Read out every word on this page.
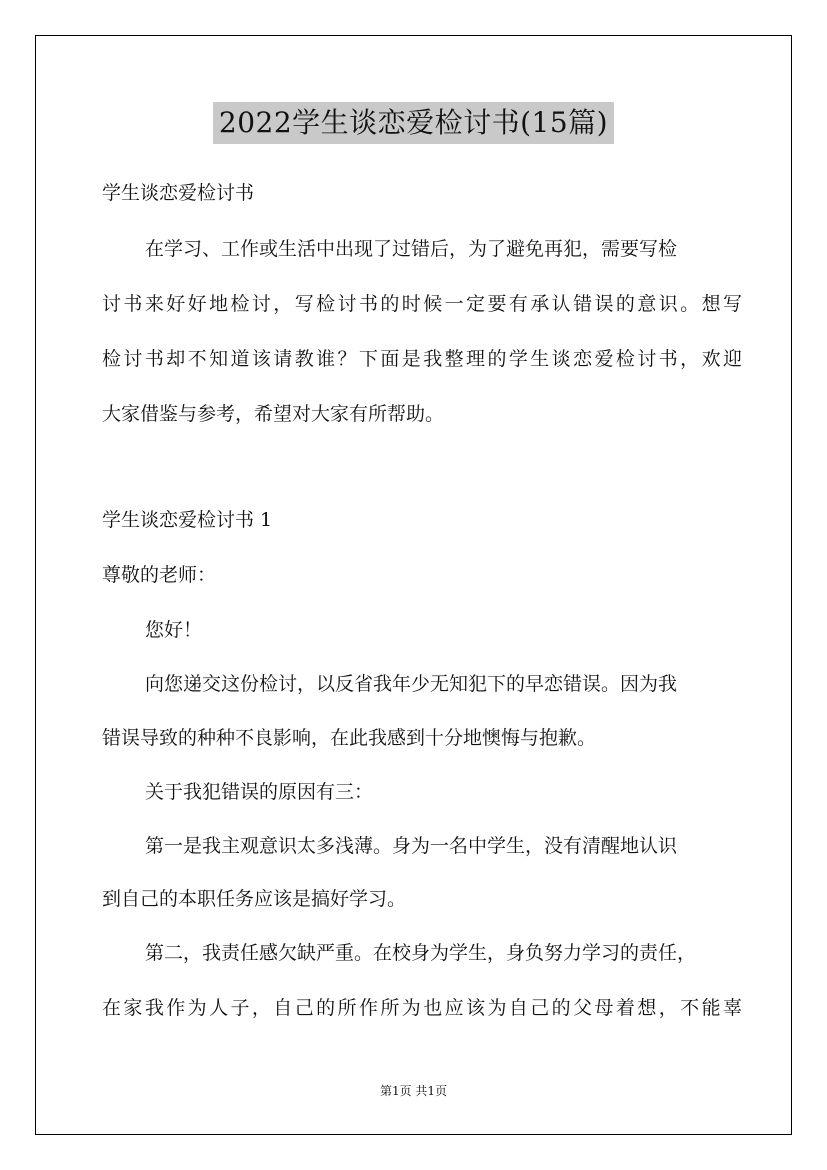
2022学生谈恋爱检讨书(15篇)

学生谈恋爱检讨书

在学习、工作或生活中出现了过错后，为了避免再犯，需要写检

讨书来好好地检讨，写检讨书的时候一定要有承认错误的意识。想写

检讨书却不知道该请教谁？下面是我整理的学生谈恋爱检讨书，欢迎

大家借鉴与参考，希望对大家有所帮助。

学生谈恋爱检讨书 1

尊敬的老师：

您好！

向您递交这份检讨，以反省我年少无知犯下的早恋错误。因为我

错误导致的种种不良影响，在此我感到十分地懊悔与抱歉。

关于我犯错误的原因有三：

第一是我主观意识太多浅薄。身为一名中学生，没有清醒地认识

到自己的本职任务应该是搞好学习。

第二，我责任感欠缺严重。在校身为学生，身负努力学习的责任，

在家我作为人子，自己的所作所为也应该为自己的父母着想，不能辜

第1页 共1页
